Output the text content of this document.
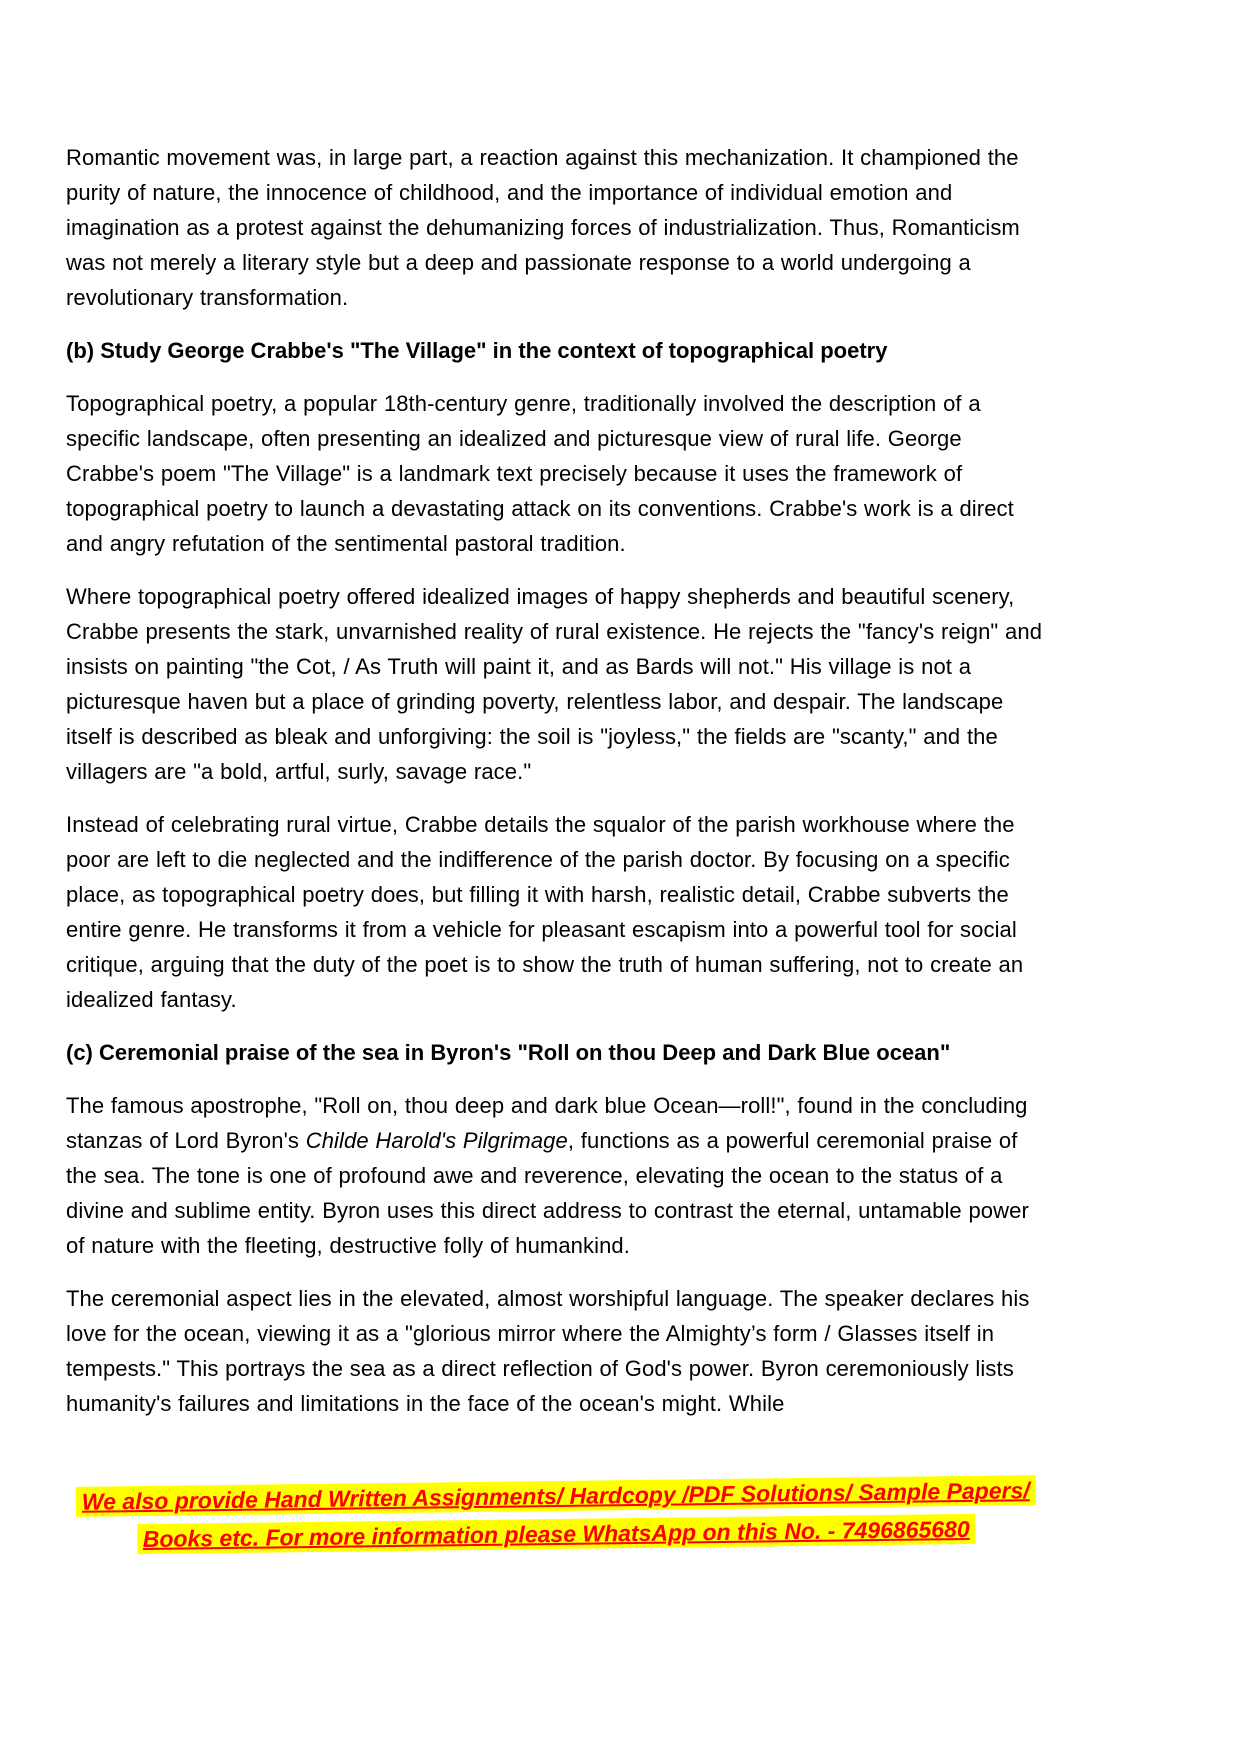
Romantic movement was, in large part, a reaction against this mechanization. It championed the purity of nature, the innocence of childhood, and the importance of individual emotion and imagination as a protest against the dehumanizing forces of industrialization. Thus, Romanticism was not merely a literary style but a deep and passionate response to a world undergoing a revolutionary transformation.

(b) Study George Crabbe's "The Village" in the context of topographical poetry

Topographical poetry, a popular 18th-century genre, traditionally involved the description of a specific landscape, often presenting an idealized and picturesque view of rural life. George Crabbe's poem "The Village" is a landmark text precisely because it uses the framework of topographical poetry to launch a devastating attack on its conventions. Crabbe's work is a direct and angry refutation of the sentimental pastoral tradition.

Where topographical poetry offered idealized images of happy shepherds and beautiful scenery, Crabbe presents the stark, unvarnished reality of rural existence. He rejects the "fancy's reign" and insists on painting "the Cot, / As Truth will paint it, and as Bards will not." His village is not a picturesque haven but a place of grinding poverty, relentless labor, and despair. The landscape itself is described as bleak and unforgiving: the soil is "joyless," the fields are "scanty," and the villagers are "a bold, artful, surly, savage race."

Instead of celebrating rural virtue, Crabbe details the squalor of the parish workhouse where the poor are left to die neglected and the indifference of the parish doctor. By focusing on a specific place, as topographical poetry does, but filling it with harsh, realistic detail, Crabbe subverts the entire genre. He transforms it from a vehicle for pleasant escapism into a powerful tool for social critique, arguing that the duty of the poet is to show the truth of human suffering, not to create an idealized fantasy.

(c) Ceremonial praise of the sea in Byron's "Roll on thou Deep and Dark Blue ocean"

The famous apostrophe, "Roll on, thou deep and dark blue Ocean—roll!", found in the concluding stanzas of Lord Byron's Childe Harold's Pilgrimage, functions as a powerful ceremonial praise of the sea. The tone is one of profound awe and reverence, elevating the ocean to the status of a divine and sublime entity. Byron uses this direct address to contrast the eternal, untamable power of nature with the fleeting, destructive folly of humankind.

The ceremonial aspect lies in the elevated, almost worshipful language. The speaker declares his love for the ocean, viewing it as a "glorious mirror where the Almighty’s form / Glasses itself in tempests." This portrays the sea as a direct reflection of God's power. Byron ceremoniously lists humanity's failures and limitations in the face of the ocean's might. While

We also provide Hand Written Assignments/ Hardcopy /PDF Solutions/ Sample Papers/
Books etc. For more information please WhatsApp on this No. - 7496865680
